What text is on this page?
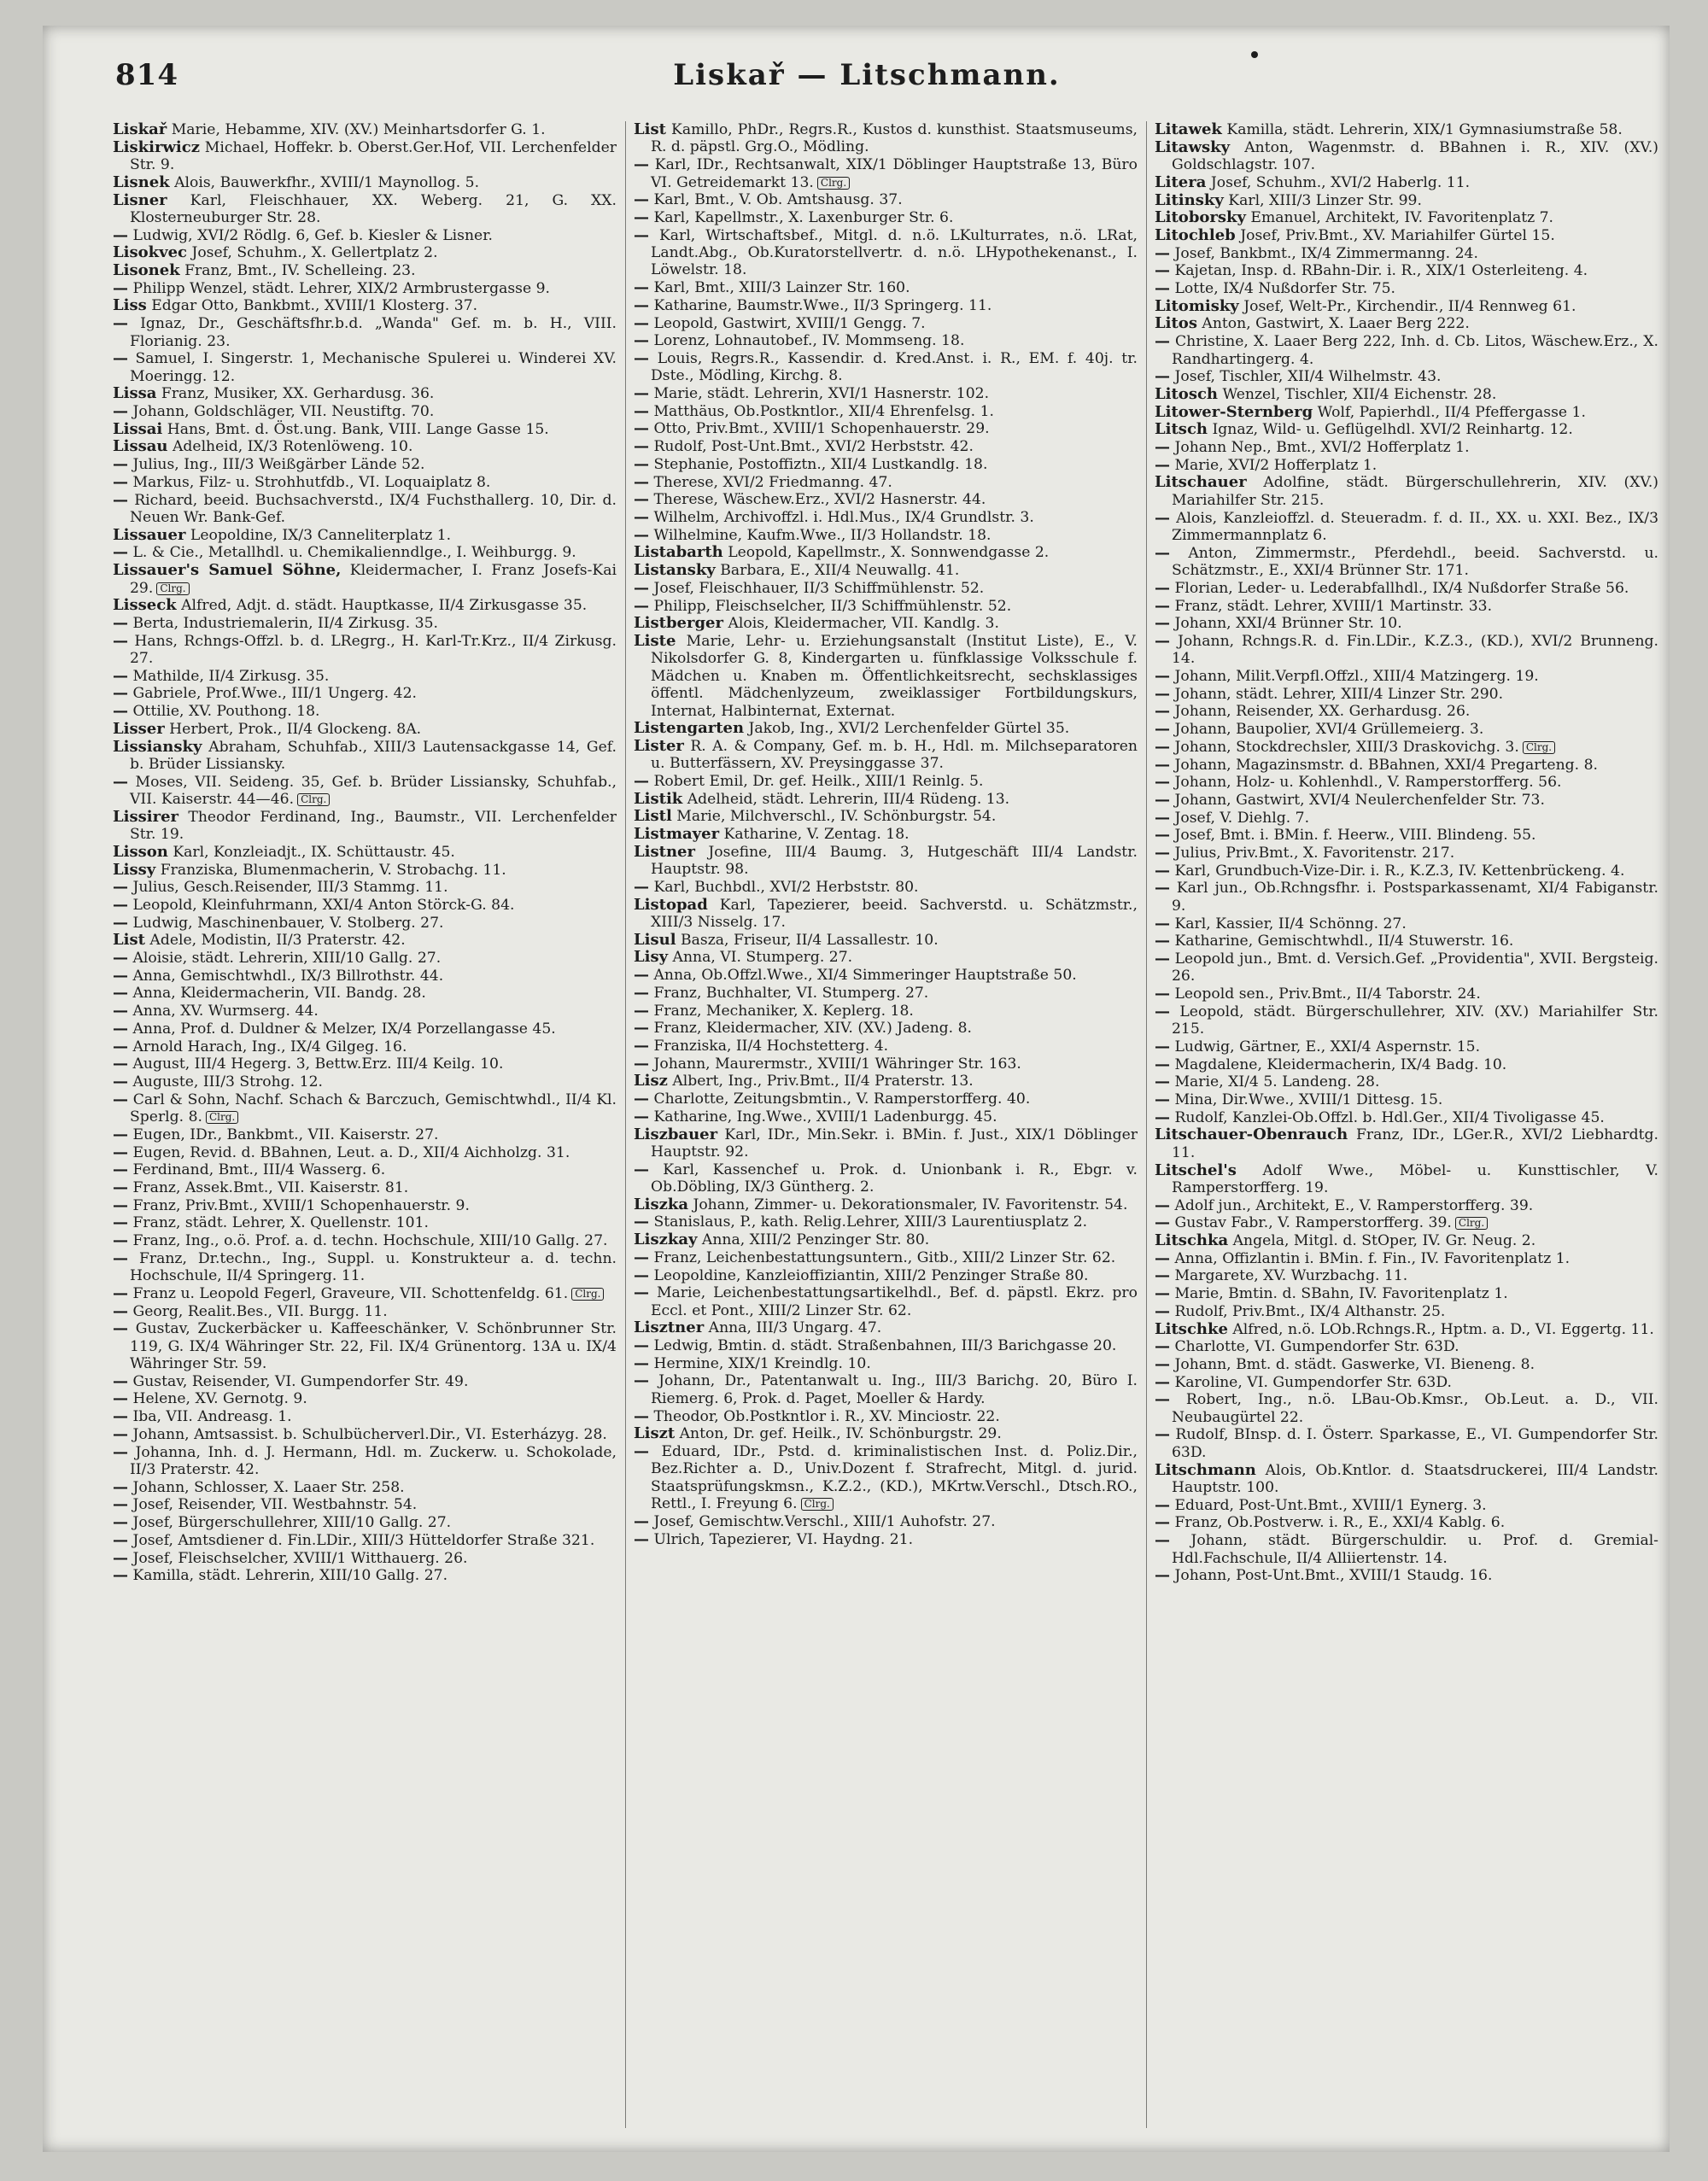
814	Liskař — Litschmann.
Liskař Marie, Hebamme, XIV. (XV.) Meinhartsdorfer G. 1.
Liskirwicz Michael, Hoffekr. b. Oberst.Ger.Hof, VII. Lerchenfelder Str. 9.
Lisnek Alois, Bauwerkfhr., XVIII/1 Maynollog. 5.
Lisner Karl, Fleischhauer, XX. Weberg. 21, G. XX. Klosterneuburger Str. 28.
— Ludwig, XVI/2 Rödlg. 6, Gef. b. Kiesler & Lisner.
Lisokvec Josef, Schuhm., X. Gellertplatz 2.
Lisonek Franz, Bmt., IV. Schelleing. 23.
— Philipp Wenzel, städt. Lehrer, XIX/2 Armbrustergasse 9.
Liss Edgar Otto, Bankbmt., XVIII/1 Klosterg. 37.
— Ignaz, Dr., Geschäftsfhr.b.d. „Wanda" Gef. m. b. H., VIII. Florianig. 23.
— Samuel, I. Singerstr. 1, Mechanische Spulerei u. Winderei XV. Moeringg. 12.
Lissa Franz, Musiker, XX. Gerhardusg. 36.
— Johann, Goldschläger, VII. Neustiftg. 70.
Lissai Hans, Bmt. d. Öst.ung. Bank, VIII. Lange Gasse 15.
Lissau Adelheid, IX/3 Rotenlöweng. 10.
— Julius, Ing., III/3 Weißgärber Lände 52.
— Markus, Filz- u. Strohhutfdb., VI. Loquaiplatz 8.
— Richard, beeid. Buchsachverstd., IX/4 Fuchsthallerg. 10, Dir. d. Neuen Wr. Bank-Gef.
Lissauer Leopoldine, IX/3 Canneliterplatz 1.
— L. & Cie., Metallhdl. u. Chemikalienndlge., I. Weihburgg. 9.
Lissauer's Samuel Söhne, Kleidermacher, I. Franz Josefs-Kai 29. Clrg.
Lisseck Alfred, Adjt. d. städt. Hauptkasse, II/4 Zirkusgasse 35.
— Berta, Industriemalerin, II/4 Zirkusg. 35.
— Hans, Rchngs-Offzl. b. d. LRegrg., H. Karl-Tr.Krz., II/4 Zirkusg. 27.
— Mathilde, II/4 Zirkusg. 35.
— Gabriele, Prof.Wwe., III/1 Ungerg. 42.
— Ottilie, XV. Pouthong. 18.
Lisser Herbert, Prok., II/4 Glockeng. 8A.
Lissiansky Abraham, Schuhfab., XIII/3 Lautensackgasse 14, Gef. b. Brüder Lissiansky.
— Moses, VII. Seideng. 35, Gef. b. Brüder Lissiansky, Schuhfab., VII. Kaiserstr. 44—46. Clrg.
Lissirer Theodor Ferdinand, Ing., Baumstr., VII. Lerchenfelder Str. 19.
Lisson Karl, Konzleiadjt., IX. Schüttaustr. 45.
Lissy Franziska, Blumenmacherin, V. Strobachg. 11.
— Julius, Gesch.Reisender, III/3 Stammg. 11.
— Leopold, Kleinfuhrmann, XXI/4 Anton Störck-G. 84.
— Ludwig, Maschinenbauer, V. Stolberg. 27.
List Adele, Modistin, II/3 Praterstr. 42.
— Aloisie, städt. Lehrerin, XIII/10 Gallg. 27.
— Anna, Gemischtwhdl., IX/3 Billrothstr. 44.
— Anna, Kleidermacherin, VII. Bandg. 28.
— Anna, XV. Wurmserg. 44.
— Anna, Prof. d. Duldner & Melzer, IX/4 Porzellangasse 45.
— Arnold Harach, Ing., IX/4 Gilgeg. 16.
— August, III/4 Hegerg. 3, Bettw.Erz. III/4 Keilg. 10.
— Auguste, III/3 Strohg. 12.
— Carl & Sohn, Nachf. Schach & Barczuch, Gemischtwhdl., II/4 Kl. Sperlg. 8. Clrg.
— Eugen, IDr., Bankbmt., VII. Kaiserstr. 27.
— Eugen, Revid. d. BBahnen, Leut. a. D., XII/4 Aichholzg. 31.
— Ferdinand, Bmt., III/4 Wasserg. 6.
— Franz, Assek.Bmt., VII. Kaiserstr. 81.
— Franz, Priv.Bmt., XVIII/1 Schopenhauerstr. 9.
— Franz, städt. Lehrer, X. Quellenstr. 101.
— Franz, Ing., o.ö. Prof. a. d. techn. Hochschule, XIII/10 Gallg. 27.
— Franz, Dr.techn., Ing., Suppl. u. Konstrukteur a. d. techn. Hochschule, II/4 Springerg. 11.
— Franz u. Leopold Fegerl, Graveure, VII. Schottenfeldg. 61. Clrg.
— Georg, Realit.Bes., VII. Burgg. 11.
— Gustav, Zuckerbäcker u. Kaffeeschänker, V. Schönbrunner Str. 119, G. IX/4 Währinger Str. 22, Fil. IX/4 Grünentorg. 13A u. IX/4 Währinger Str. 59.
— Gustav, Reisender, VI. Gumpendorfer Str. 49.
— Helene, XV. Gernotg. 9.
— Iba, VII. Andreasg. 1.
— Johann, Amtsassist. b. Schulbücherverl.Dir., VI. Esterházyg. 28.
— Johanna, Inh. d. J. Hermann, Hdl. m. Zuckerw. u. Schokolade, II/3 Praterstr. 42.
— Johann, Schlosser, X. Laaer Str. 258.
— Josef, Reisender, VII. Westbahnstr. 54.
— Josef, Bürgerschullehrer, XIII/10 Gallg. 27.
— Josef, Amtsdiener d. Fin.LDir., XIII/3 Hütteldorfer Straße 321.
— Josef, Fleischselcher, XVIII/1 Witthauerg. 26.
— Kamilla, städt. Lehrerin, XIII/10 Gallg. 27.
List Kamillo, PhDr., Regrs.R., Kustos d. kunsthist. Staatsmuseums, R. d. päpstl. Grg.O., Mödling.
— Karl, IDr., Rechtsanwalt, XIX/1 Döblinger Hauptstraße 13, Büro VI. Getreidemarkt 13. Clrg.
— Karl, Bmt., V. Ob. Amtshausg. 37.
— Karl, Kapellmstr., X. Laxenburger Str. 6.
— Karl, Wirtschaftsbef., Mitgl. d. n.ö. LKulturrates, n.ö. LRat, Landt.Abg., Ob.Kuratorstellvertr. d. n.ö. LHypothekenanst., I. Löwelstr. 18.
— Karl, Bmt., XIII/3 Lainzer Str. 160.
— Katharine, Baumstr.Wwe., II/3 Springerg. 11.
— Leopold, Gastwirt, XVIII/1 Gengg. 7.
— Lorenz, Lohnautobef., IV. Mommseng. 18.
— Louis, Regrs.R., Kassendir. d. Kred.Anst. i. R., EM. f. 40j. tr. Dste., Mödling, Kirchg. 8.
— Marie, städt. Lehrerin, XVI/1 Hasnerstr. 102.
— Matthäus, Ob.Postkntlor., XII/4 Ehrenfelsg. 1.
— Otto, Priv.Bmt., XVIII/1 Schopenhauerstr. 29.
— Rudolf, Post-Unt.Bmt., XVI/2 Herbststr. 42.
— Stephanie, Postoffiztn., XII/4 Lustkandlg. 18.
— Therese, XVI/2 Friedmanng. 47.
— Therese, Wäschew.Erz., XVI/2 Hasnerstr. 44.
— Wilhelm, Archivoffzl. i. Hdl.Mus., IX/4 Grundlstr. 3.
— Wilhelmine, Kaufm.Wwe., II/3 Hollandstr. 18.
Listabarth Leopold, Kapellmstr., X. Sonnwendgasse 2.
Listansky Barbara, E., XII/4 Neuwallg. 41.
— Josef, Fleischhauer, II/3 Schiffmühlenstr. 52.
— Philipp, Fleischselcher, II/3 Schiffmühlenstr. 52.
Listberger Alois, Kleidermacher, VII. Kandlg. 3.
Liste Marie, Lehr- u. Erziehungsanstalt (Institut Liste), E., V. Nikolsdorfer G. 8, Kindergarten u. fünfklassige Volksschule f. Mädchen u. Knaben m. Öffentlichkeitsrecht, sechsklassiges öffentl. Mädchenlyzeum, zweiklassiger Fortbildungskurs, Internat, Halbinternat, Externat.
Listengarten Jakob, Ing., XVI/2 Lerchenfelder Gürtel 35.
Lister R. A. & Company, Gef. m. b. H., Hdl. m. Milchseparatoren u. Butterfässern, XV. Preysinggasse 37.
— Robert Emil, Dr. gef. Heilk., XIII/1 Reinlg. 5.
Listik Adelheid, städt. Lehrerin, III/4 Rüdeng. 13.
Listl Marie, Milchverschl., IV. Schönburgstr. 54.
Listmayer Katharine, V. Zentag. 18.
Listner Josefine, III/4 Baumg. 3, Hutgeschäft III/4 Landstr. Hauptstr. 98.
— Karl, Buchbdl., XVI/2 Herbststr. 80.
Listopad Karl, Tapezierer, beeid. Sachverstd. u. Schätzmstr., XIII/3 Nisselg. 17.
Lisul Basza, Friseur, II/4 Lassallestr. 10.
Lisy Anna, VI. Stumperg. 27.
— Anna, Ob.Offzl.Wwe., XI/4 Simmeringer Hauptstraße 50.
— Franz, Buchhalter, VI. Stumperg. 27.
— Franz, Mechaniker, X. Keplerg. 18.
— Franz, Kleidermacher, XIV. (XV.) Jadeng. 8.
— Franziska, II/4 Hochstetterg. 4.
— Johann, Maurermstr., XVIII/1 Währinger Str. 163.
Lisz Albert, Ing., Priv.Bmt., II/4 Praterstr. 13.
— Charlotte, Zeitungsbmtin., V. Ramperstorfferg. 40.
— Katharine, Ing.Wwe., XVIII/1 Ladenburgg. 45.
Liszbauer Karl, IDr., Min.Sekr. i. BMin. f. Just., XIX/1 Döblinger Hauptstr. 92.
— Karl, Kassenchef u. Prok. d. Unionbank i. R., Ebgr. v. Ob.Döbling, IX/3 Güntherg. 2.
Liszka Johann, Zimmer- u. Dekorationsmaler, IV. Favoritenstr. 54.
— Stanislaus, P., kath. Relig.Lehrer, XIII/3 Laurentiusplatz 2.
Liszkay Anna, XIII/2 Penzinger Str. 80.
— Franz, Leichenbestattungsuntern., Gitb., XIII/2 Linzer Str. 62.
— Leopoldine, Kanzleioffiziantin, XIII/2 Penzinger Straße 80.
— Marie, Leichenbestattungsartikelhdl., Bef. d. päpstl. Ekrz. pro Eccl. et Pont., XIII/2 Linzer Str. 62.
Lisztner Anna, III/3 Ungarg. 47.
— Ledwig, Bmtin. d. städt. Straßenbahnen, III/3 Barichgasse 20.
— Hermine, XIX/1 Kreindlg. 10.
— Johann, Dr., Patentanwalt u. Ing., III/3 Barichg. 20, Büro I. Riemerg. 6, Prok. d. Paget, Moeller & Hardy.
— Theodor, Ob.Postkntlor i. R., XV. Minciostr. 22.
Liszt Anton, Dr. gef. Heilk., IV. Schönburgstr. 29.
— Eduard, IDr., Pstd. d. kriminalistischen Inst. d. Poliz.Dir., Bez.Richter a. D., Univ.Dozent f. Strafrecht, Mitgl. d. jurid. Staatsprüfungskmsn., K.Z.2., (KD.), MKrtw.Verschl., Dtsch.RO., Rettl., I. Freyung 6. Clrg.
— Josef, Gemischtw.Verschl., XIII/1 Auhofstr. 27.
— Ulrich, Tapezierer, VI. Haydng. 21.
Litawek Kamilla, städt. Lehrerin, XIX/1 Gymnasiumstraße 58.
Litawsky Anton, Wagenmstr. d. BBahnen i. R., XIV. (XV.) Goldschlagstr. 107.
Litera Josef, Schuhm., XVI/2 Haberlg. 11.
Litinsky Karl, XIII/3 Linzer Str. 99.
Litoborsky Emanuel, Architekt, IV. Favoritenplatz 7.
Litochleb Josef, Priv.Bmt., XV. Mariahilfer Gürtel 15.
— Josef, Bankbmt., IX/4 Zimmermanng. 24.
— Kajetan, Insp. d. RBahn-Dir. i. R., XIX/1 Osterleiteng. 4.
— Lotte, IX/4 Nußdorfer Str. 75.
Litomisky Josef, Welt-Pr., Kirchendir., II/4 Rennweg 61.
Litos Anton, Gastwirt, X. Laaer Berg 222.
— Christine, X. Laaer Berg 222, Inh. d. Cb. Litos, Wäschew.Erz., X. Randhartingerg. 4.
— Josef, Tischler, XII/4 Wilhelmstr. 43.
Litosch Wenzel, Tischler, XII/4 Eichenstr. 28.
Litower-Sternberg Wolf, Papierhdl., II/4 Pfeffergasse 1.
Litsch Ignaz, Wild- u. Geflügelhdl. XVI/2 Reinhartg. 12.
— Johann Nep., Bmt., XVI/2 Hofferplatz 1.
— Marie, XVI/2 Hofferplatz 1.
Litschauer Adolfine, städt. Bürgerschullehrerin, XIV. (XV.) Mariahilfer Str. 215.
— Alois, Kanzleioffzl. d. Steueradm. f. d. II., XX. u. XXI. Bez., IX/3 Zimmermannplatz 6.
— Anton, Zimmermstr., Pferdehdl., beeid. Sachverstd. u. Schätzmstr., E., XXI/4 Brünner Str. 171.
— Florian, Leder- u. Lederabfallhdl., IX/4 Nußdorfer Straße 56.
— Franz, städt. Lehrer, XVIII/1 Martinstr. 33.
— Johann, XXI/4 Brünner Str. 10.
— Johann, Rchngs.R. d. Fin.LDir., K.Z.3., (KD.), XVI/2 Brunneng. 14.
— Johann, Milit.Verpfl.Offzl., XIII/4 Matzingerg. 19.
— Johann, städt. Lehrer, XIII/4 Linzer Str. 290.
— Johann, Reisender, XX. Gerhardusg. 26.
— Johann, Baupolier, XVI/4 Grüllemeierg. 3.
— Johann, Stockdrechsler, XIII/3 Draskovichg. 3. Clrg.
— Johann, Magazinsmstr. d. BBahnen, XXI/4 Pregarteng. 8.
— Johann, Holz- u. Kohlenhdl., V. Ramperstorfferg. 56.
— Johann, Gastwirt, XVI/4 Neulerchenfelder Str. 73.
— Josef, V. Diehlg. 7.
— Josef, Bmt. i. BMin. f. Heerw., VIII. Blindeng. 55.
— Julius, Priv.Bmt., X. Favoritenstr. 217.
— Karl, Grundbuch-Vize-Dir. i. R., K.Z.3, IV. Kettenbrückeng. 4.
— Karl jun., Ob.Rchngsfhr. i. Postsparkassenamt, XI/4 Fabiganstr. 9.
— Karl, Kassier, II/4 Schönng. 27.
— Katharine, Gemischtwhdl., II/4 Stuwerstr. 16.
— Leopold jun., Bmt. d. Versich.Gef. „Providentia", XVII. Bergsteig. 26.
— Leopold sen., Priv.Bmt., II/4 Taborstr. 24.
— Leopold, städt. Bürgerschullehrer, XIV. (XV.) Mariahilfer Str. 215.
— Ludwig, Gärtner, E., XXI/4 Aspernstr. 15.
— Magdalene, Kleidermacherin, IX/4 Badg. 10.
— Marie, XI/4 5. Landeng. 28.
— Mina, Dir.Wwe., XVIII/1 Dittesg. 15.
— Rudolf, Kanzlei-Ob.Offzl. b. Hdl.Ger., XII/4 Tivoligasse 45.
Litschauer-Obenrauch Franz, IDr., LGer.R., XVI/2 Liebhardtg. 11.
Litschel's Adolf Wwe., Möbel- u. Kunsttischler, V. Ramperstorfferg. 19.
— Adolf jun., Architekt, E., V. Ramperstorfferg. 39.
— Gustav Fabr., V. Ramperstorfferg. 39. Clrg.
Litschka Angela, Mitgl. d. StOper, IV. Gr. Neug. 2.
— Anna, Offizlantin i. BMin. f. Fin., IV. Favoritenplatz 1.
— Margarete, XV. Wurzbachg. 11.
— Marie, Bmtin. d. SBahn, IV. Favoritenplatz 1.
— Rudolf, Priv.Bmt., IX/4 Althanstr. 25.
Litschke Alfred, n.ö. LOb.Rchngs.R., Hptm. a. D., VI. Eggertg. 11.
— Charlotte, VI. Gumpendorfer Str. 63D.
— Johann, Bmt. d. städt. Gaswerke, VI. Bieneng. 8.
— Karoline, VI. Gumpendorfer Str. 63D.
— Robert, Ing., n.ö. LBau-Ob.Kmsr., Ob.Leut. a. D., VII. Neubaugürtel 22.
— Rudolf, BInsp. d. I. Österr. Sparkasse, E., VI. Gumpendorfer Str. 63D.
Litschmann Alois, Ob.Kntlor. d. Staatsdruckerei, III/4 Landstr. Hauptstr. 100.
— Eduard, Post-Unt.Bmt., XVIII/1 Eynerg. 3.
— Franz, Ob.Postverw. i. R., E., XXI/4 Kablg. 6.
— Johann, städt. Bürgerschuldir. u. Prof. d. Gremial-Hdl.Fachschule, II/4 Alliiertenstr. 14.
— Johann, Post-Unt.Bmt., XVIII/1 Staudg. 16.
